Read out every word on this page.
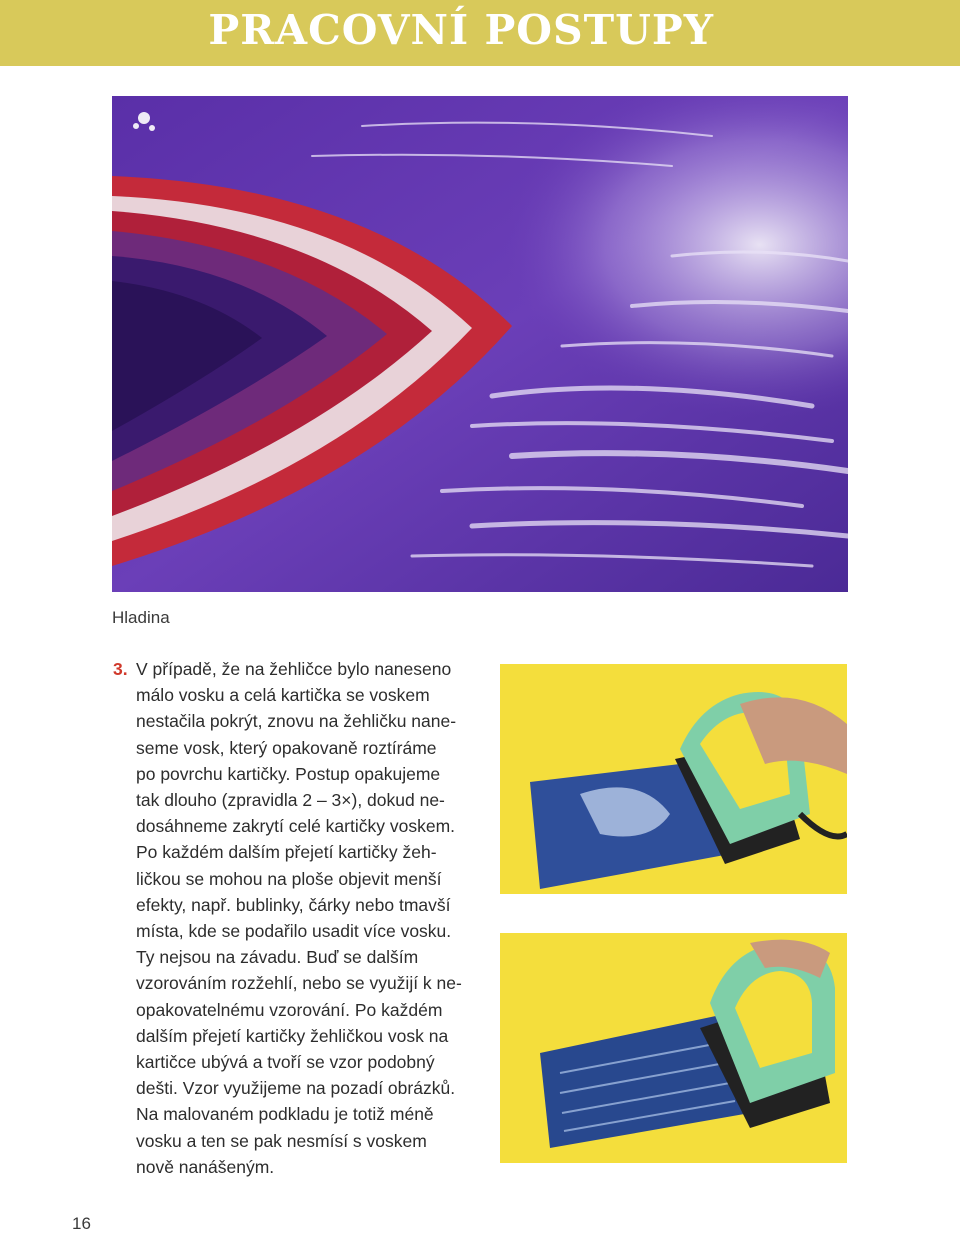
PRACOVNÍ POSTUPY
Hladina
3. V případě, že na žehličce bylo naneseno
málo vosku a celá kartička se voskem
nestačila pokrýt, znovu na žehličku nane-
seme vosk, který opakovaně roztíráme
po povrchu kartičky. Postup opakujeme
tak dlouho (zpravidla 2 – 3×), dokud ne-
dosáhneme zakrytí celé kartičky voskem.
Po každém dalším přejetí kartičky žeh-
ličkou se mohou na ploše objevit menší
efekty, např. bublinky, čárky nebo tmavší
místa, kde se podařilo usadit více vosku.
Ty nejsou na závadu. Buď se dalším
vzorováním rozžehlí, nebo se využijí k ne-
opakovatelnému vzorování. Po každém
dalším přejetí kartičky žehličkou vosk na
kartičce ubývá a tvoří se vzor podobný
dešti. Vzor využijeme na pozadí obrázků.
Na malovaném podkladu je totiž méně
vosku a ten se pak nesmísí s voskem
nově nanášeným.
16
